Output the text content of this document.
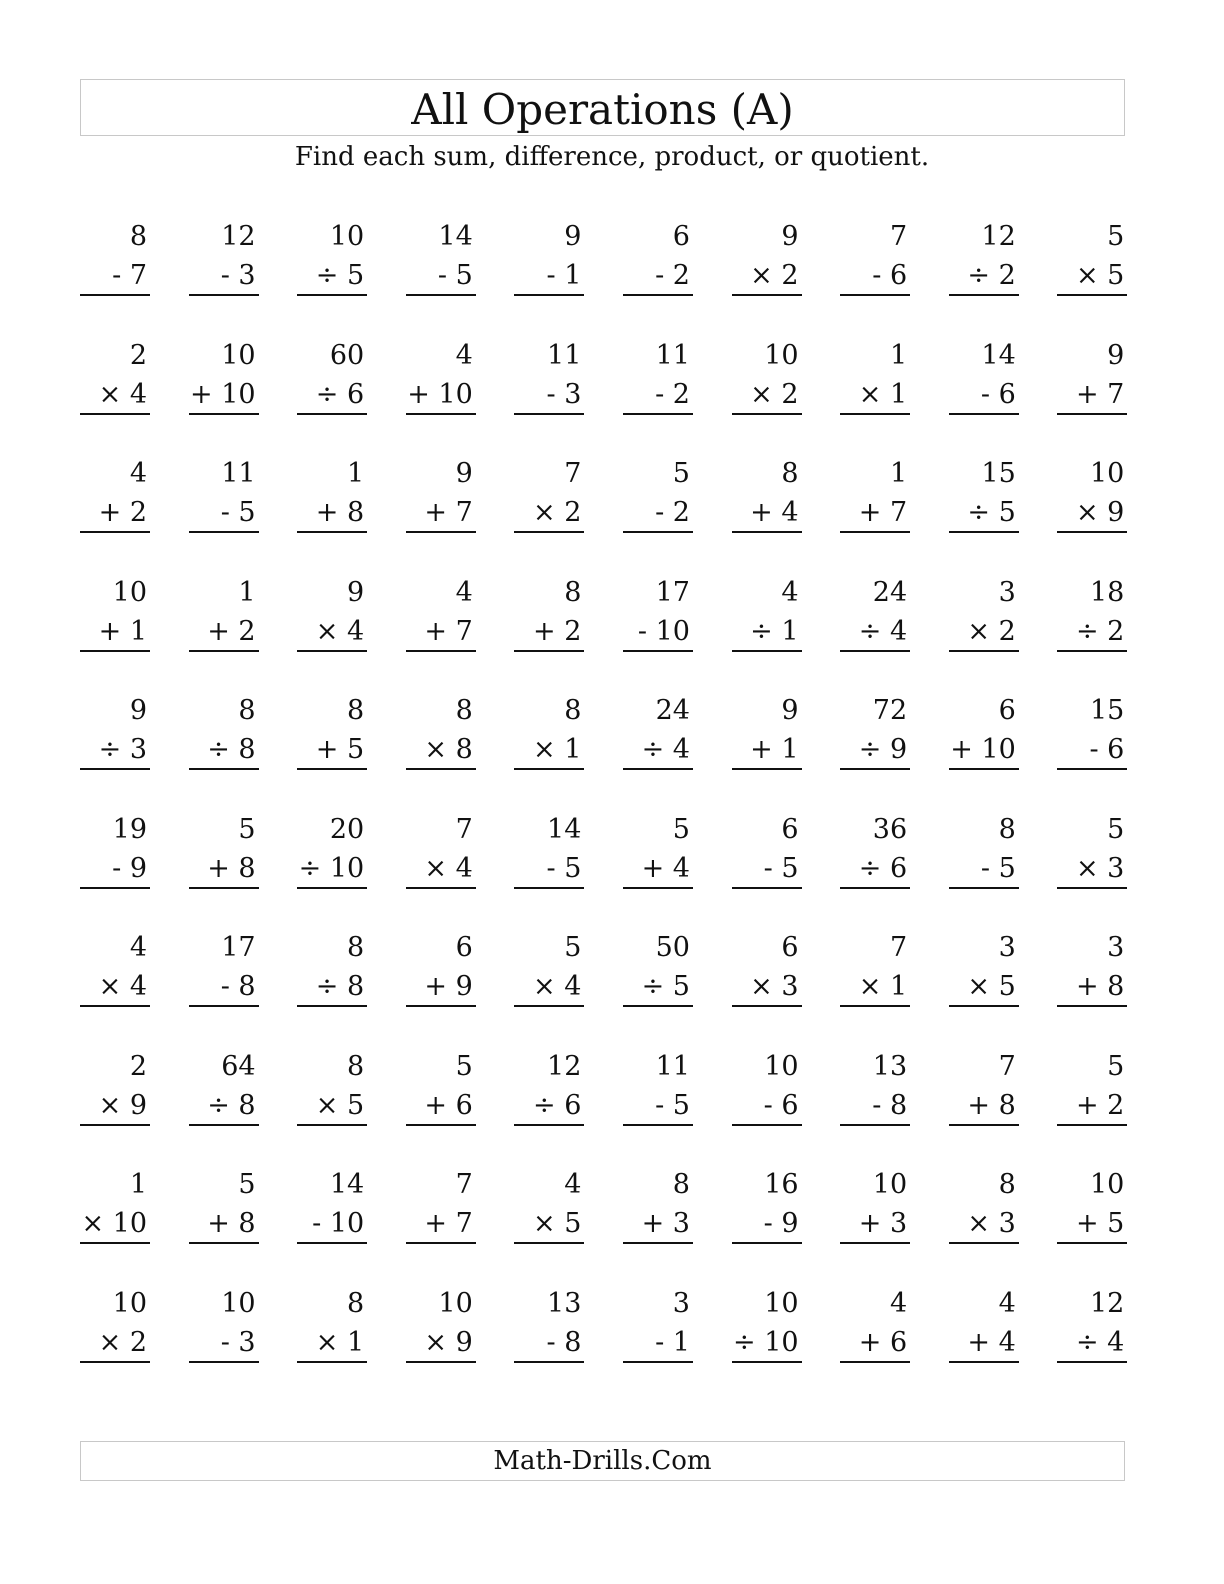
All Operations (A)
Find each sum, difference, product, or quotient.
8
- 7
12
- 3
10
÷ 5
14
- 5
9
- 1
6
- 2
9
× 2
7
- 6
12
÷ 2
5
× 5
2
× 4
10
+ 10
60
÷ 6
4
+ 10
11
- 3
11
- 2
10
× 2
1
× 1
14
- 6
9
+ 7
4
+ 2
11
- 5
1
+ 8
9
+ 7
7
× 2
5
- 2
8
+ 4
1
+ 7
15
÷ 5
10
× 9
10
+ 1
1
+ 2
9
× 4
4
+ 7
8
+ 2
17
- 10
4
÷ 1
24
÷ 4
3
× 2
18
÷ 2
9
÷ 3
8
÷ 8
8
+ 5
8
× 8
8
× 1
24
÷ 4
9
+ 1
72
÷ 9
6
+ 10
15
- 6
19
- 9
5
+ 8
20
÷ 10
7
× 4
14
- 5
5
+ 4
6
- 5
36
÷ 6
8
- 5
5
× 3
4
× 4
17
- 8
8
÷ 8
6
+ 9
5
× 4
50
÷ 5
6
× 3
7
× 1
3
× 5
3
+ 8
2
× 9
64
÷ 8
8
× 5
5
+ 6
12
÷ 6
11
- 5
10
- 6
13
- 8
7
+ 8
5
+ 2
1
× 10
5
+ 8
14
- 10
7
+ 7
4
× 5
8
+ 3
16
- 9
10
+ 3
8
× 3
10
+ 5
10
× 2
10
- 3
8
× 1
10
× 9
13
- 8
3
- 1
10
÷ 10
4
+ 6
4
+ 4
12
÷ 4
Math-Drills.Com
